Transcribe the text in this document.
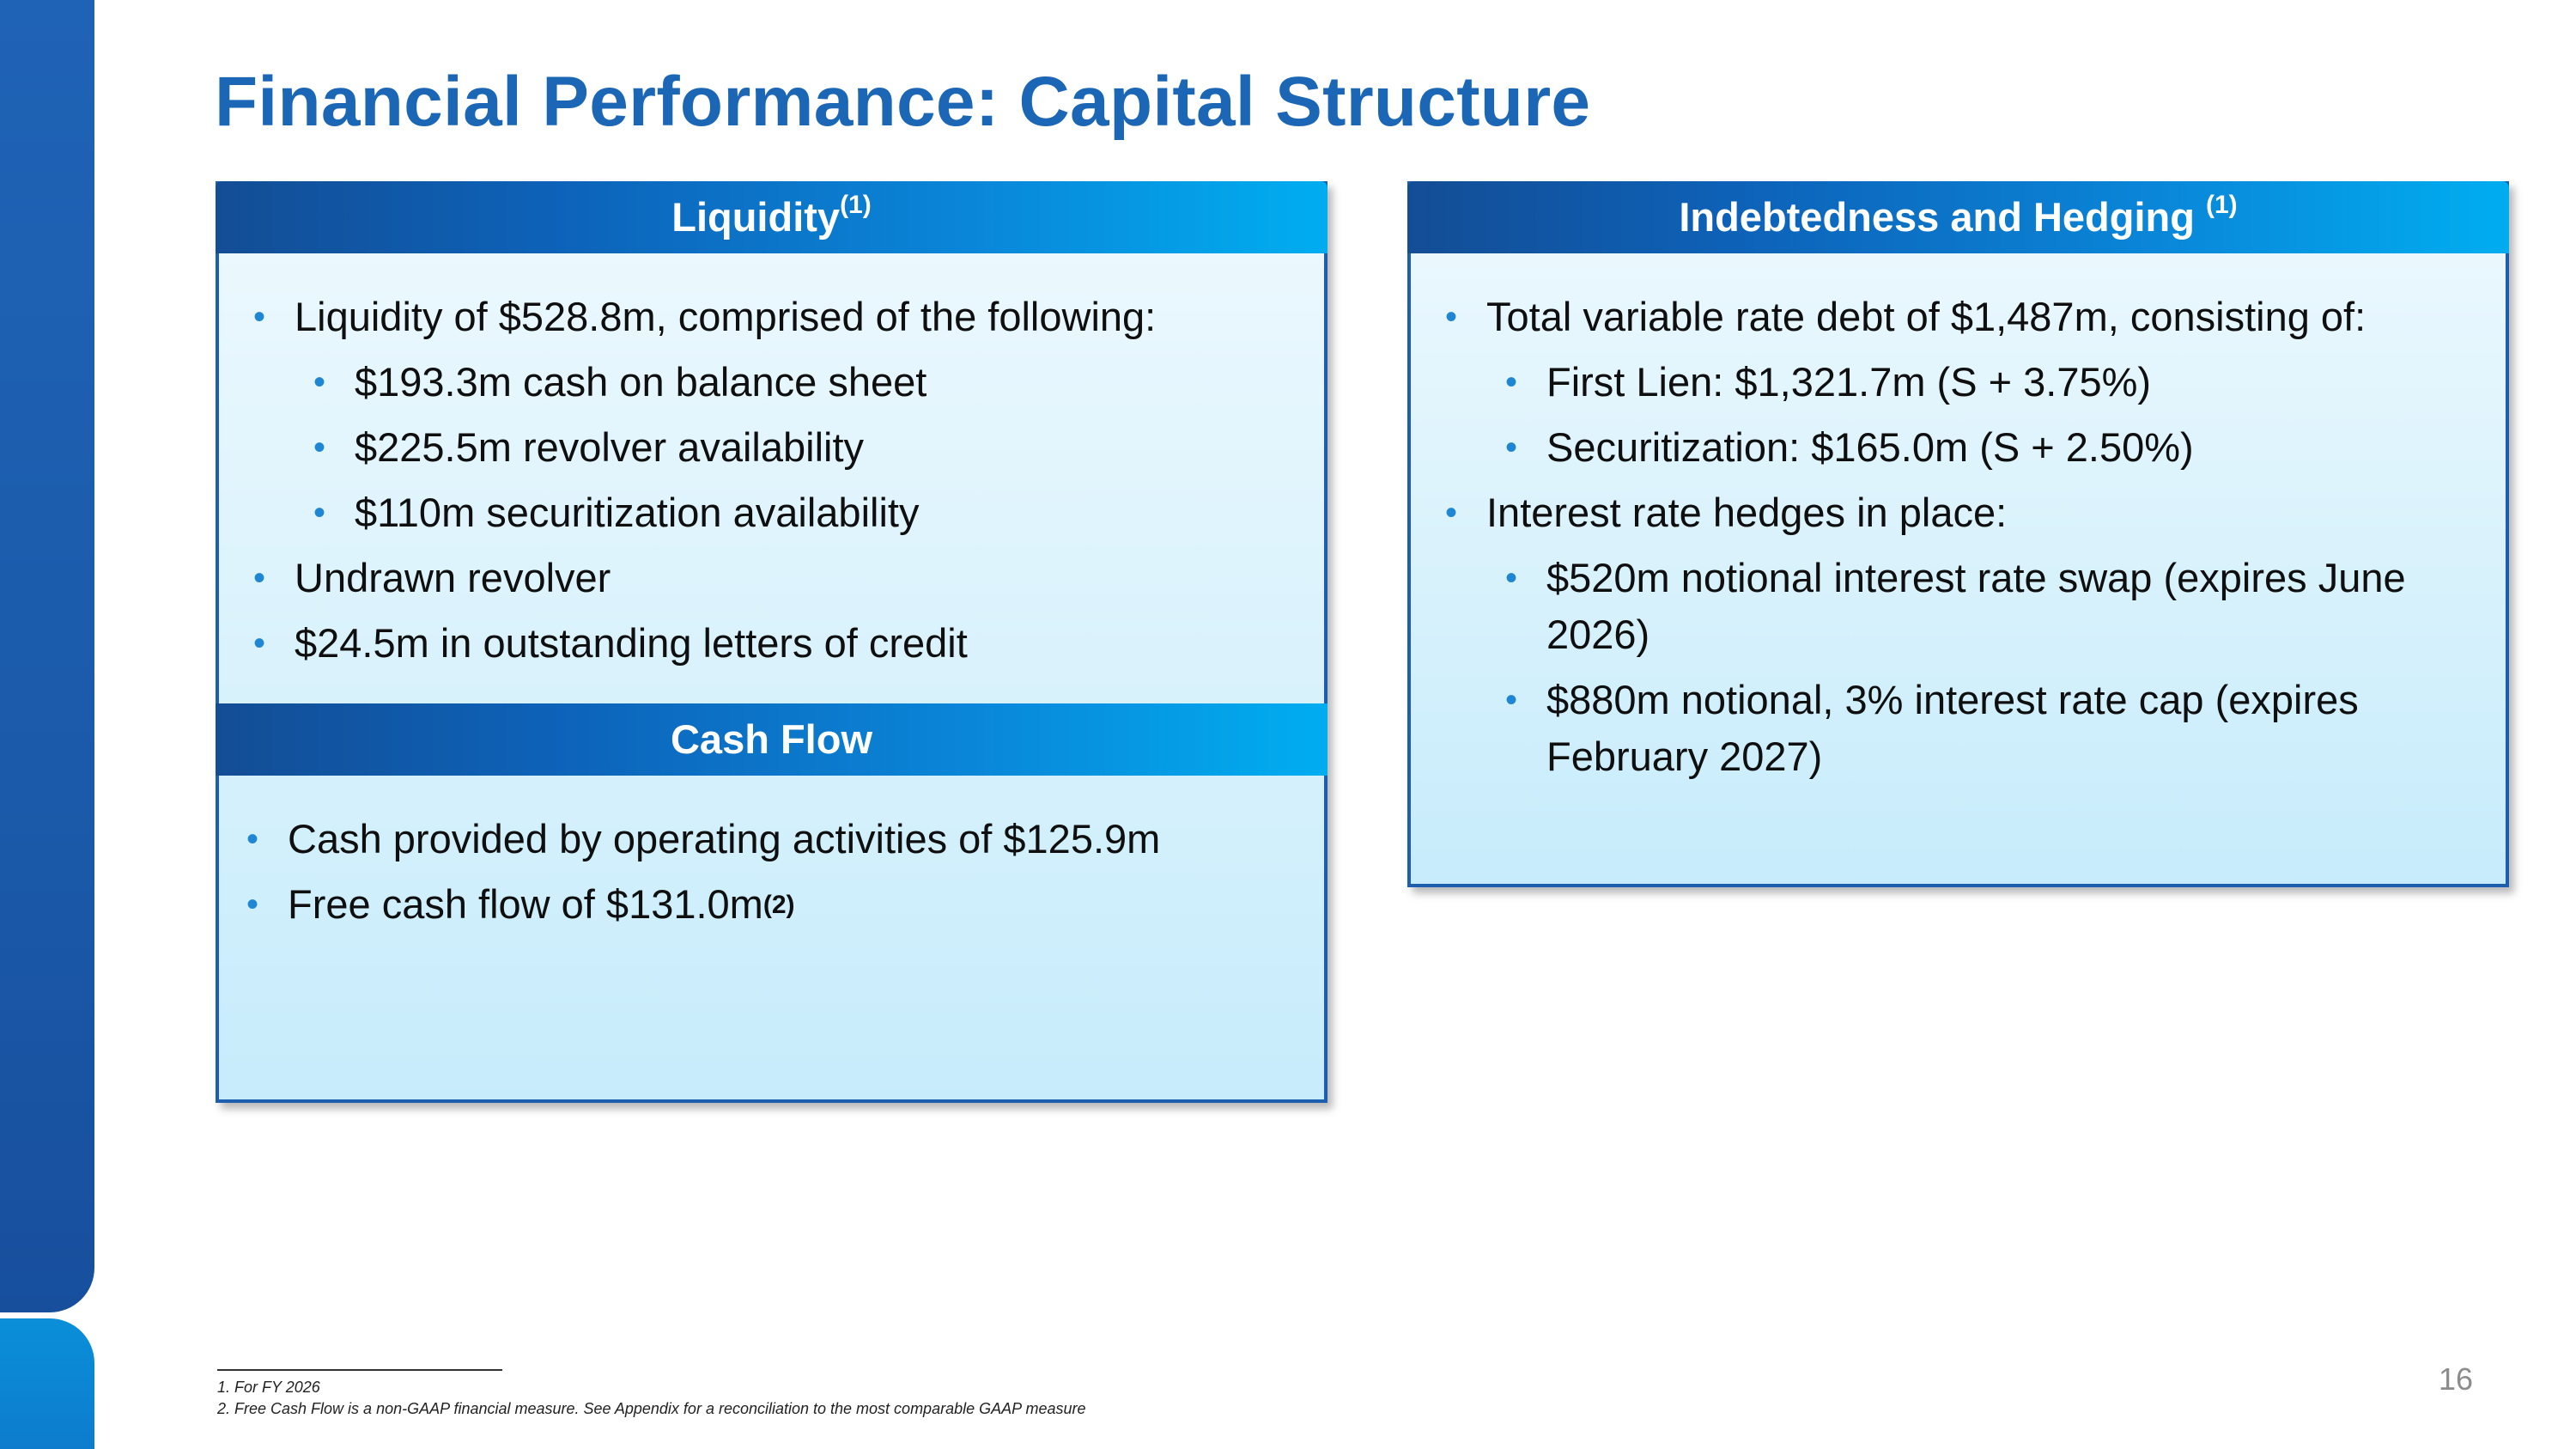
Financial Performance: Capital Structure
Liquidity$^{(1)}$
• Liquidity of $528.8m, comprised of the following:
• $193.3m cash on balance sheet
• $225.5m revolver availability
• $110m securitization availability
• Undrawn revolver
• $24.5m in outstanding letters of credit
Cash Flow
• Cash provided by operating activities of $125.9m
• Free cash flow of $131.0m$^{(2)}$
Indebtedness and Hedging $^{(1)}$
• Total variable rate debt of $1,487m, consisting of:
• First Lien: $1,321.7m (S + 3.75%)
• Securitization: $165.0m (S + 2.50%)
• Interest rate hedges in place:
• $520m notional interest rate swap (expires June 2026)
• $880m notional, 3% interest rate cap (expires February 2027)
1. For FY 2026
2. Free Cash Flow is a non-GAAP financial measure. See Appendix for a reconciliation to the most comparable GAAP measure
16
